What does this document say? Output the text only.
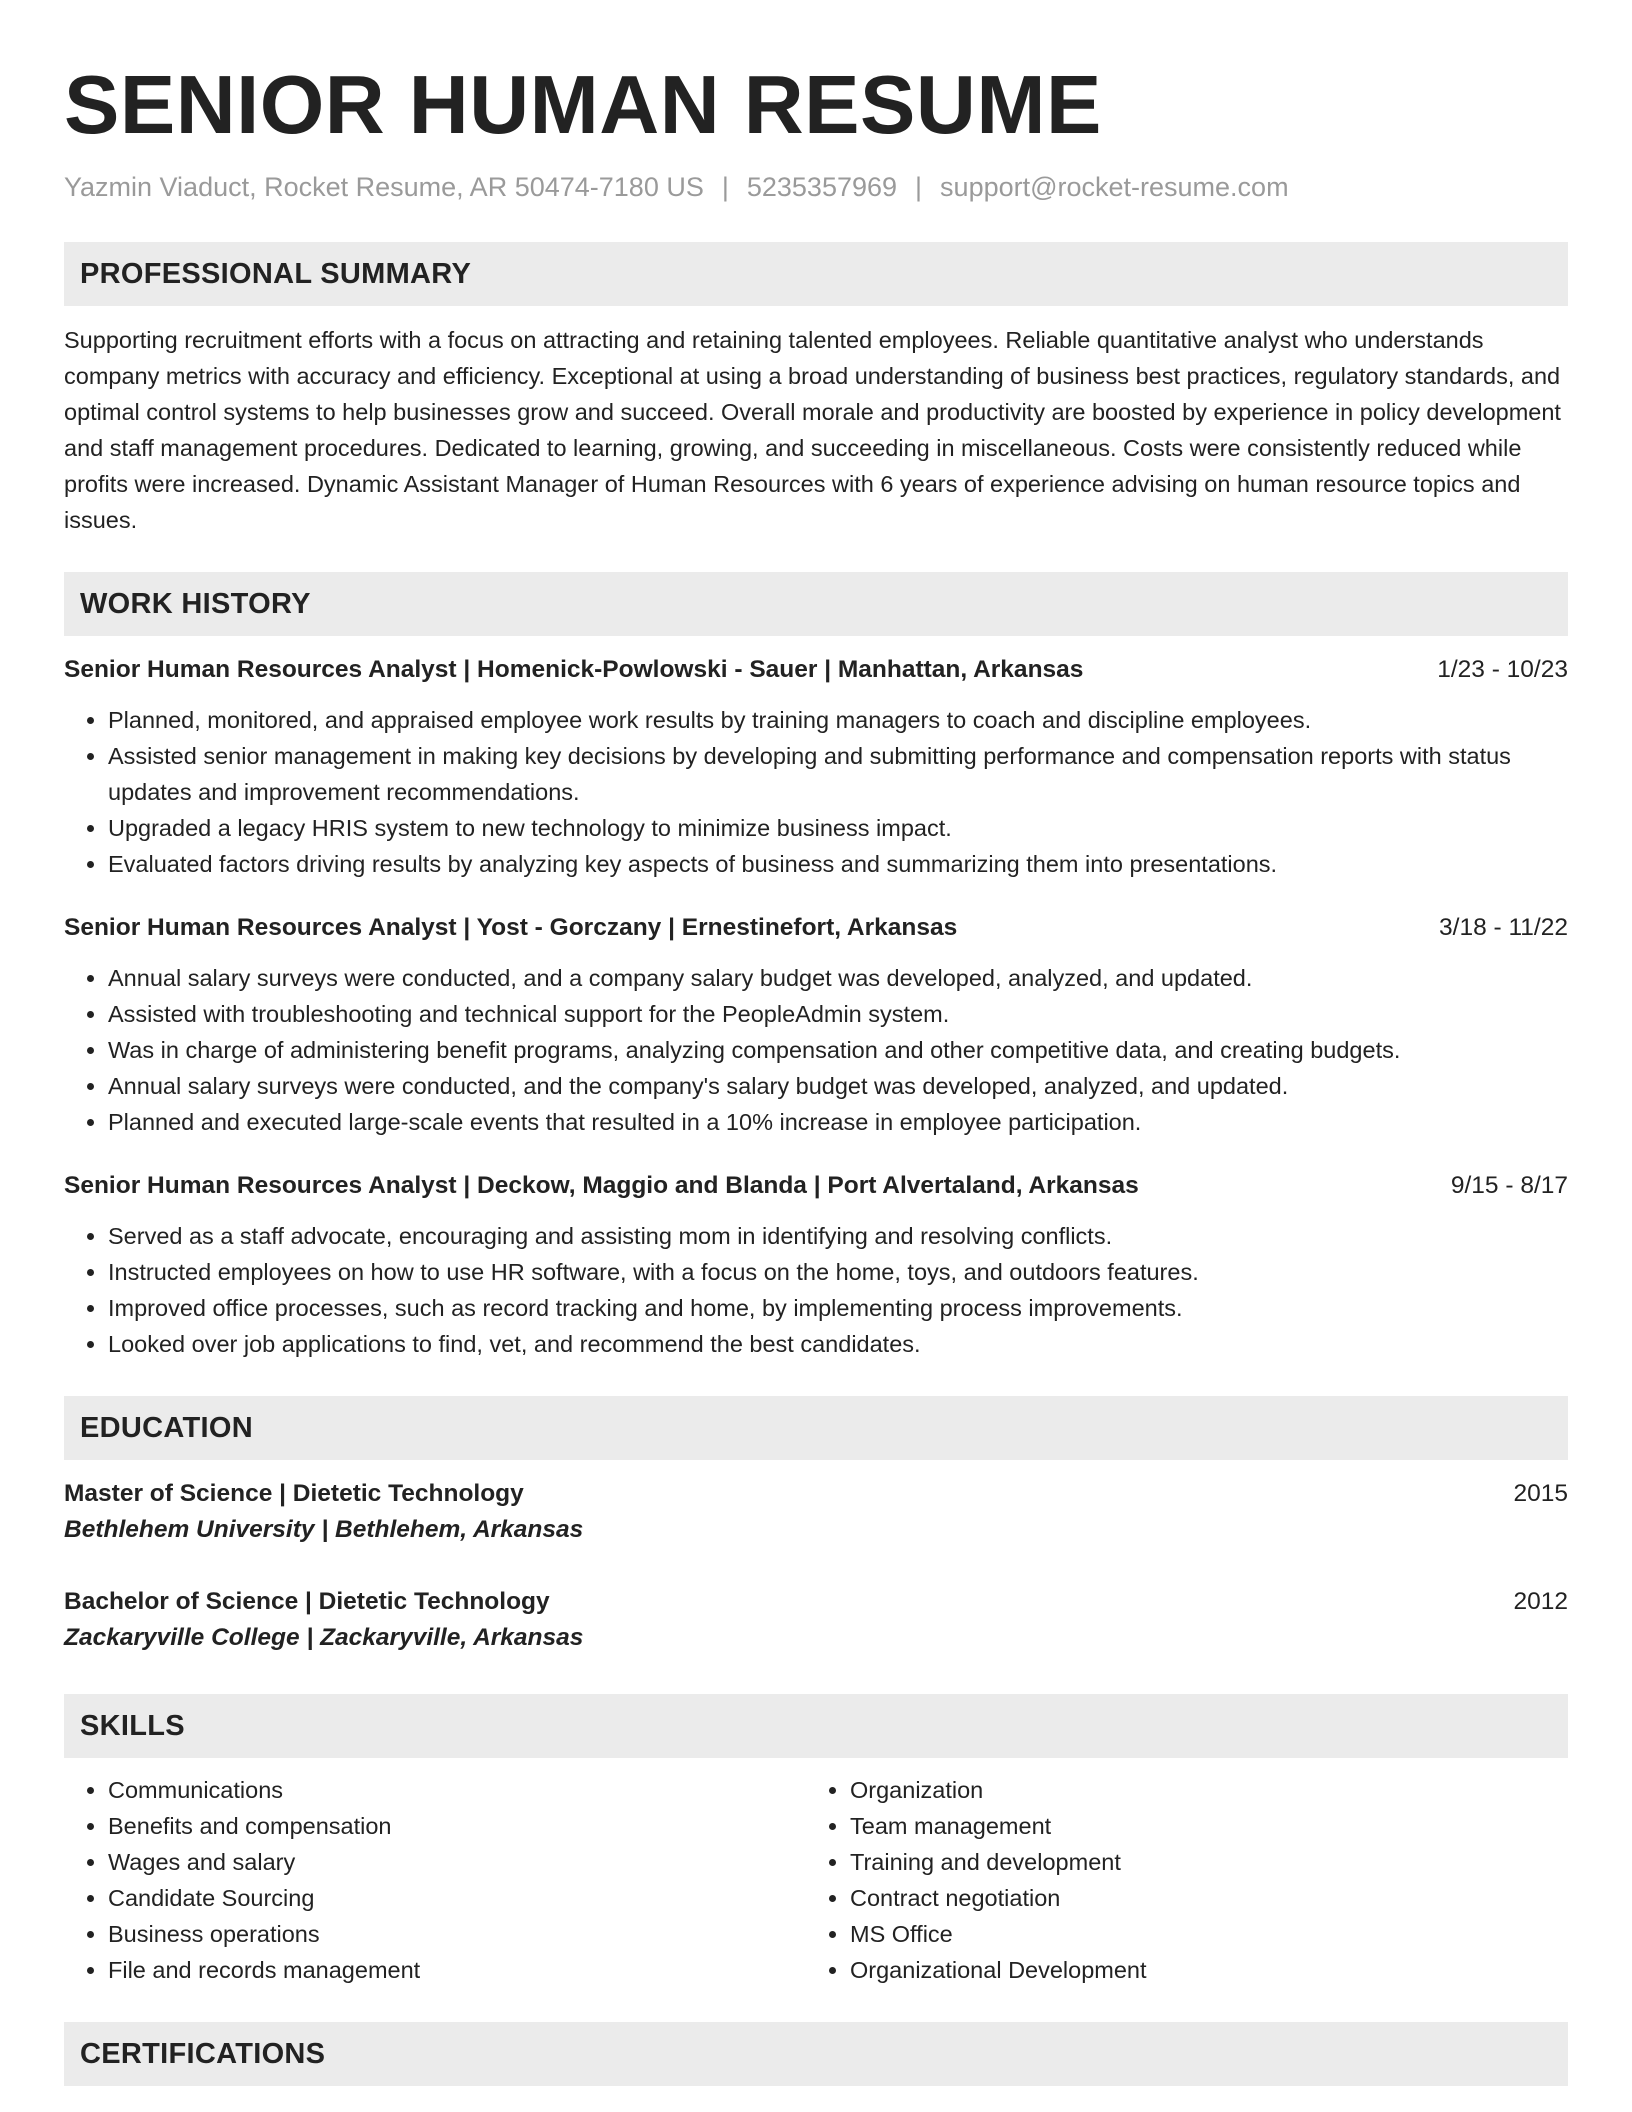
SENIOR HUMAN RESUME
Yazmin Viaduct, Rocket Resume, AR 50474-7180 US | 5235357969 | support@rocket-resume.com
PROFESSIONAL SUMMARY

Supporting recruitment efforts with a focus on attracting and retaining talented employees. Reliable quantitative analyst who understands company metrics with accuracy and efficiency. Exceptional at using a broad understanding of business best practices, regulatory standards, and optimal control systems to help businesses grow and succeed. Overall morale and productivity are boosted by experience in policy development and staff management procedures. Dedicated to learning, growing, and succeeding in miscellaneous. Costs were consistently reduced while profits were increased. Dynamic Assistant Manager of Human Resources with 6 years of experience advising on human resource topics and issues.

WORK HISTORY
Senior Human Resources Analyst | Homenick-Powlowski - Sauer | Manhattan, Arkansas	1/23 - 10/23
• Planned, monitored, and appraised employee work results by training managers to coach and discipline employees.
• Assisted senior management in making key decisions by developing and submitting performance and compensation reports with status updates and improvement recommendations.
• Upgraded a legacy HRIS system to new technology to minimize business impact.
• Evaluated factors driving results by analyzing key aspects of business and summarizing them into presentations.
Senior Human Resources Analyst | Yost - Gorczany | Ernestinefort, Arkansas	3/18 - 11/22
• Annual salary surveys were conducted, and a company salary budget was developed, analyzed, and updated.
• Assisted with troubleshooting and technical support for the PeopleAdmin system.
• Was in charge of administering benefit programs, analyzing compensation and other competitive data, and creating budgets.
• Annual salary surveys were conducted, and the company's salary budget was developed, analyzed, and updated.
• Planned and executed large-scale events that resulted in a 10% increase in employee participation.
Senior Human Resources Analyst | Deckow, Maggio and Blanda | Port Alvertaland, Arkansas	9/15 - 8/17
• Served as a staff advocate, encouraging and assisting mom in identifying and resolving conflicts.
• Instructed employees on how to use HR software, with a focus on the home, toys, and outdoors features.
• Improved office processes, such as record tracking and home, by implementing process improvements.
• Looked over job applications to find, vet, and recommend the best candidates.
EDUCATION
Master of Science | Dietetic Technology	2015
Bethlehem University | Bethlehem, Arkansas
Bachelor of Science | Dietetic Technology	2012
Zackaryville College | Zackaryville, Arkansas
SKILLS
• Communications
• Benefits and compensation
• Wages and salary
• Candidate Sourcing
• Business operations
• File and records management
• Organization
• Team management
• Training and development
• Contract negotiation
• MS Office
• Organizational Development
CERTIFICATIONS
